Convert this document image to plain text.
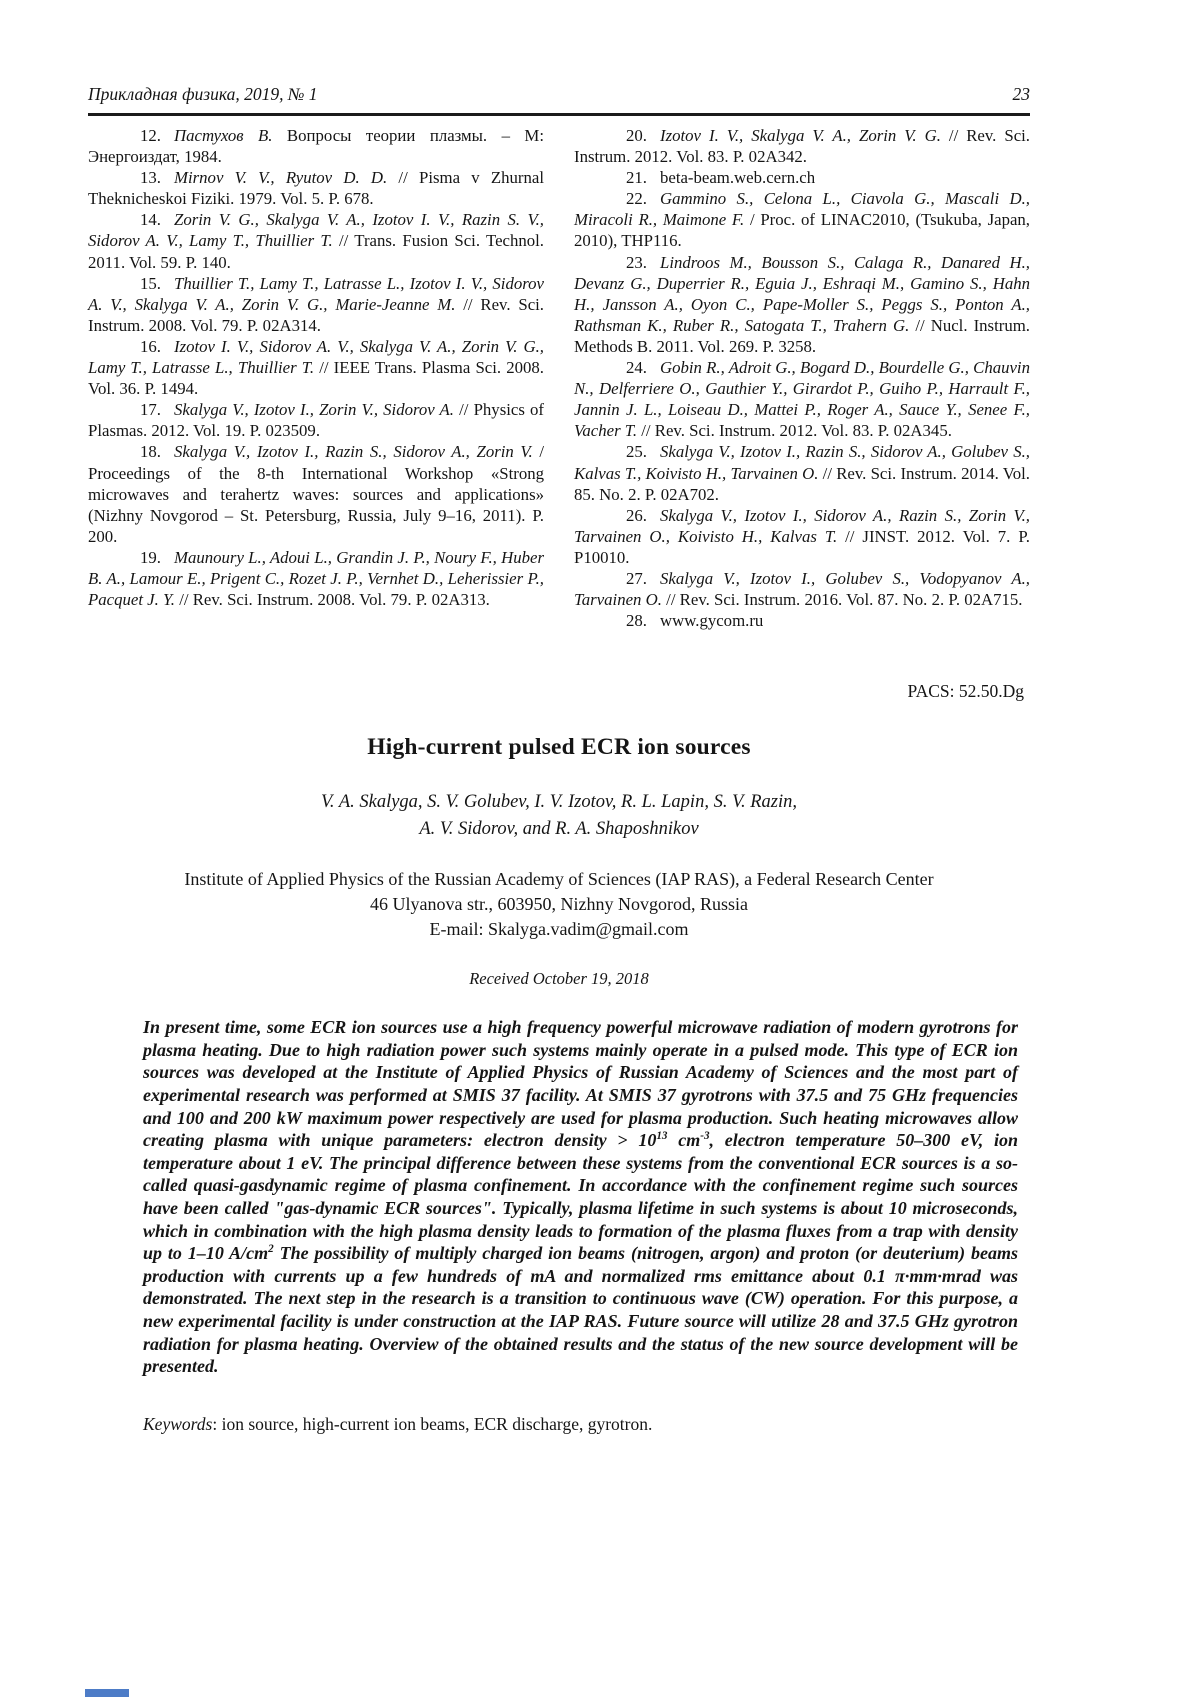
Прикладная физика, 2019, № 1	23

12. Пастухов В. Вопросы теории плазмы. – М: Энергоиздат, 1984.

13. Mirnov V. V., Ryutov D. D. // Pisma v Zhurnal Theknicheskoi Fiziki. 1979. Vol. 5. P. 678.

14. Zorin V. G., Skalyga V. A., Izotov I. V., Razin S. V., Sidorov A. V., Lamy T., Thuillier T. // Trans. Fusion Sci. Technol. 2011. Vol. 59. P. 140.

15. Thuillier T., Lamy T., Latrasse L., Izotov I. V., Sidorov A. V., Skalyga V. A., Zorin V. G., Marie-Jeanne M. // Rev. Sci. Instrum. 2008. Vol. 79. P. 02A314.

16. Izotov I. V., Sidorov A. V., Skalyga V. A., Zorin V. G., Lamy T., Latrasse L., Thuillier T. // IEEE Trans. Plasma Sci. 2008. Vol. 36. P. 1494.

17. Skalyga V., Izotov I., Zorin V., Sidorov A. // Physics of Plasmas. 2012. Vol. 19. P. 023509.

18. Skalyga V., Izotov I., Razin S., Sidorov A., Zorin V. / Proceedings of the 8-th International Workshop «Strong microwaves and terahertz waves: sources and applications» (Nizhny Novgorod – St. Petersburg, Russia, July 9–16, 2011). P. 200.

19. Maunoury L., Adoui L., Grandin J. P., Noury F., Huber B. A., Lamour E., Prigent C., Rozet J. P., Vernhet D., Leherissier P., Pacquet J. Y. // Rev. Sci. Instrum. 2008. Vol. 79. P. 02A313.

20. Izotov I. V., Skalyga V. A., Zorin V. G. // Rev. Sci. Instrum. 2012. Vol. 83. P. 02A342.

21. beta-beam.web.cern.ch

22. Gammino S., Celona L., Ciavola G., Mascali D., Miracoli R., Maimone F. / Proc. of LINAC2010, (Tsukuba, Japan, 2010), THP116.

23. Lindroos M., Bousson S., Calaga R., Danared H., Devanz G., Duperrier R., Eguia J., Eshraqi M., Gamino S., Hahn H., Jansson A., Oyon C., Pape-Moller S., Peggs S., Ponton A., Rathsman K., Ruber R., Satogata T., Trahern G. // Nucl. Instrum. Methods B. 2011. Vol. 269. P. 3258.

24. Gobin R., Adroit G., Bogard D., Bourdelle G., Chauvin N., Delferriere O., Gauthier Y., Girardot P., Guiho P., Harrault F., Jannin J. L., Loiseau D., Mattei P., Roger A., Sauce Y., Senee F., Vacher T. // Rev. Sci. Instrum. 2012. Vol. 83. P. 02A345.

25. Skalyga V., Izotov I., Razin S., Sidorov A., Golubev S., Kalvas T., Koivisto H., Tarvainen O. // Rev. Sci. Instrum. 2014. Vol. 85. No. 2. P. 02A702.

26. Skalyga V., Izotov I., Sidorov A., Razin S., Zorin V., Tarvainen O., Koivisto H., Kalvas T. // JINST. 2012. Vol. 7. P. P10010.

27. Skalyga V., Izotov I., Golubev S., Vodopyanov A., Tarvainen O. // Rev. Sci. Instrum. 2016. Vol. 87. No. 2. P. 02A715.

28. www.gycom.ru

PACS: 52.50.Dg
High-current pulsed ECR ion sources
V. A. Skalyga, S. V. Golubev, I. V. Izotov, R. L. Lapin, S. V. Razin,
A. V. Sidorov, and R. A. Shaposhnikov
Institute of Applied Physics of the Russian Academy of Sciences (IAP RAS), a Federal Research Center
46 Ulyanova str., 603950, Nizhny Novgorod, Russia
E-mail: Skalyga.vadim@gmail.com
Received October 19, 2018

In present time, some ECR ion sources use a high frequency powerful microwave radiation of modern gyrotrons for plasma heating. Due to high radiation power such systems mainly operate in a pulsed mode. This type of ECR ion sources was developed at the Institute of Applied Physics of Russian Academy of Sciences and the most part of experimental research was performed at SMIS 37 facility. At SMIS 37 gyrotrons with 37.5 and 75 GHz frequencies and 100 and 200 kW maximum power respectively are used for plasma production. Such heating microwaves allow creating plasma with unique parameters: electron density > $10^{13}$ $cm^{-3}$, electron temperature 50–300 eV, ion temperature about 1 eV. The principal difference between these systems from the conventional ECR sources is a so-called quasi-gasdynamic regime of plasma confinement. In accordance with the confinement regime such sources have been called "gas-dynamic ECR sources". Typically, plasma lifetime in such systems is about 10 microseconds, which in combination with the high plasma density leads to formation of the plasma fluxes from a trap with density up to 1–10 $A/cm^2$ The possibility of multiply charged ion beams (nitrogen, argon) and proton (or deuterium) beams production with currents up a few hundreds of mA and normalized rms emittance about 0.1 π·mm·mrad was demonstrated. The next step in the research is a transition to continuous wave (CW) operation. For this purpose, a new experimental facility is under construction at the IAP RAS. Future source will utilize 28 and 37.5 GHz gyrotron radiation for plasma heating. Overview of the obtained results and the status of the new source development will be presented.

Keywords: ion source, high-current ion beams, ECR discharge, gyrotron.
